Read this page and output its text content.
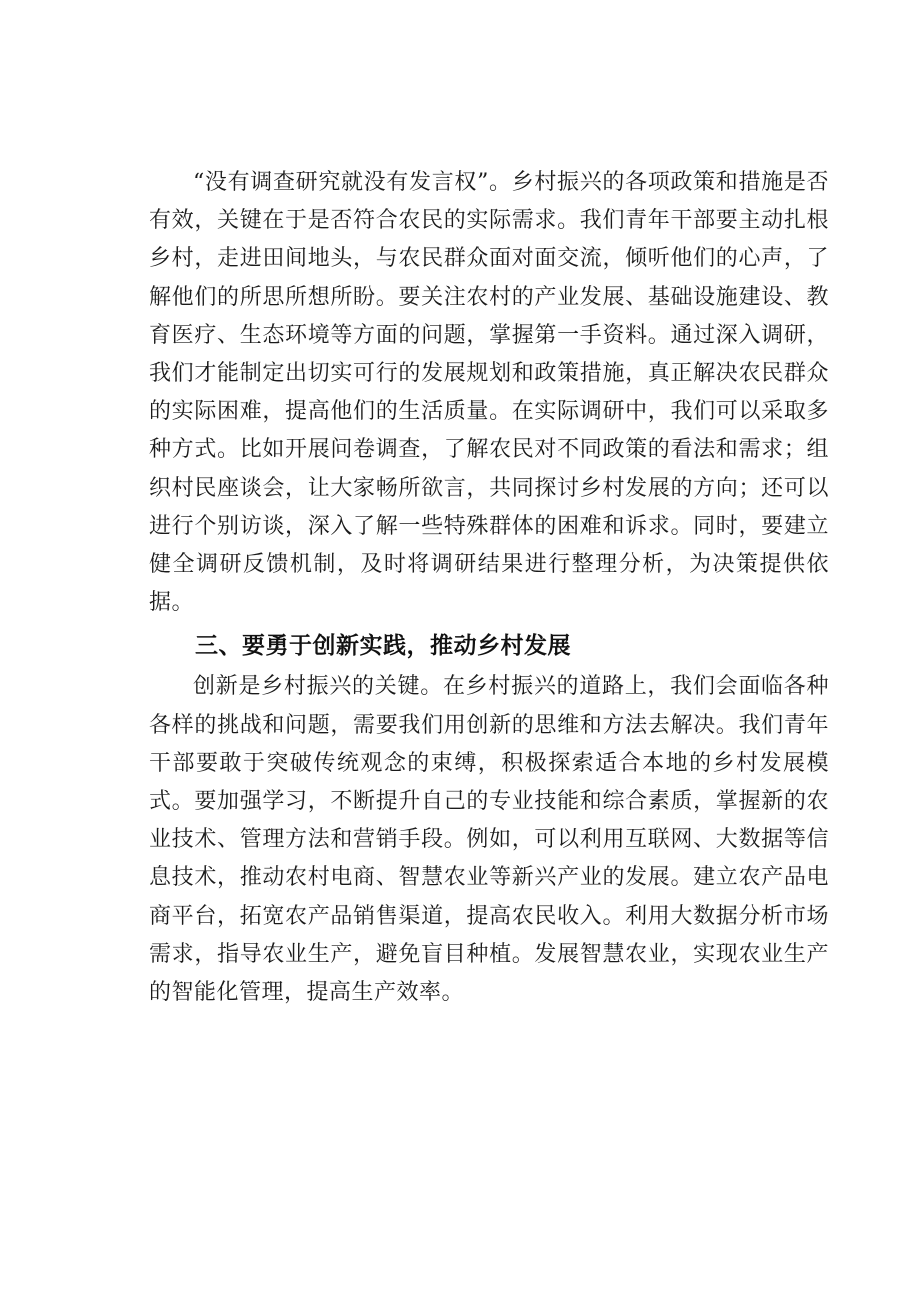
“没有调查研究就没有发言权”。乡村振兴的各项政策和措施是否有效，关键在于是否符合农民的实际需求。我们青年干部要主动扎根乡村，走进田间地头，与农民群众面对面交流，倾听他们的心声，了解他们的所思所想所盼。要关注农村的产业发展、基础设施建设、教育医疗、生态环境等方面的问题，掌握第一手资料。通过深入调研，我们才能制定出切实可行的发展规划和政策措施，真正解决农民群众的实际困难，提高他们的生活质量。在实际调研中，我们可以采取多种方式。比如开展问卷调查，了解农民对不同政策的看法和需求；组织村民座谈会，让大家畅所欲言，共同探讨乡村发展的方向；还可以进行个别访谈，深入了解一些特殊群体的困难和诉求。同时，要建立健全调研反馈机制，及时将调研结果进行整理分析，为决策提供依据。

三、要勇于创新实践，推动乡村发展

创新是乡村振兴的关键。在乡村振兴的道路上，我们会面临各种各样的挑战和问题，需要我们用创新的思维和方法去解决。我们青年干部要敢于突破传统观念的束缚，积极探索适合本地的乡村发展模式。要加强学习，不断提升自己的专业技能和综合素质，掌握新的农业技术、管理方法和营销手段。例如，可以利用互联网、大数据等信息技术，推动农村电商、智慧农业等新兴产业的发展。建立农产品电商平台，拓宽农产品销售渠道，提高农民收入。利用大数据分析市场需求，指导农业生产，避免盲目种植。发展智慧农业，实现农业生产的智能化管理，提高生产效率。
